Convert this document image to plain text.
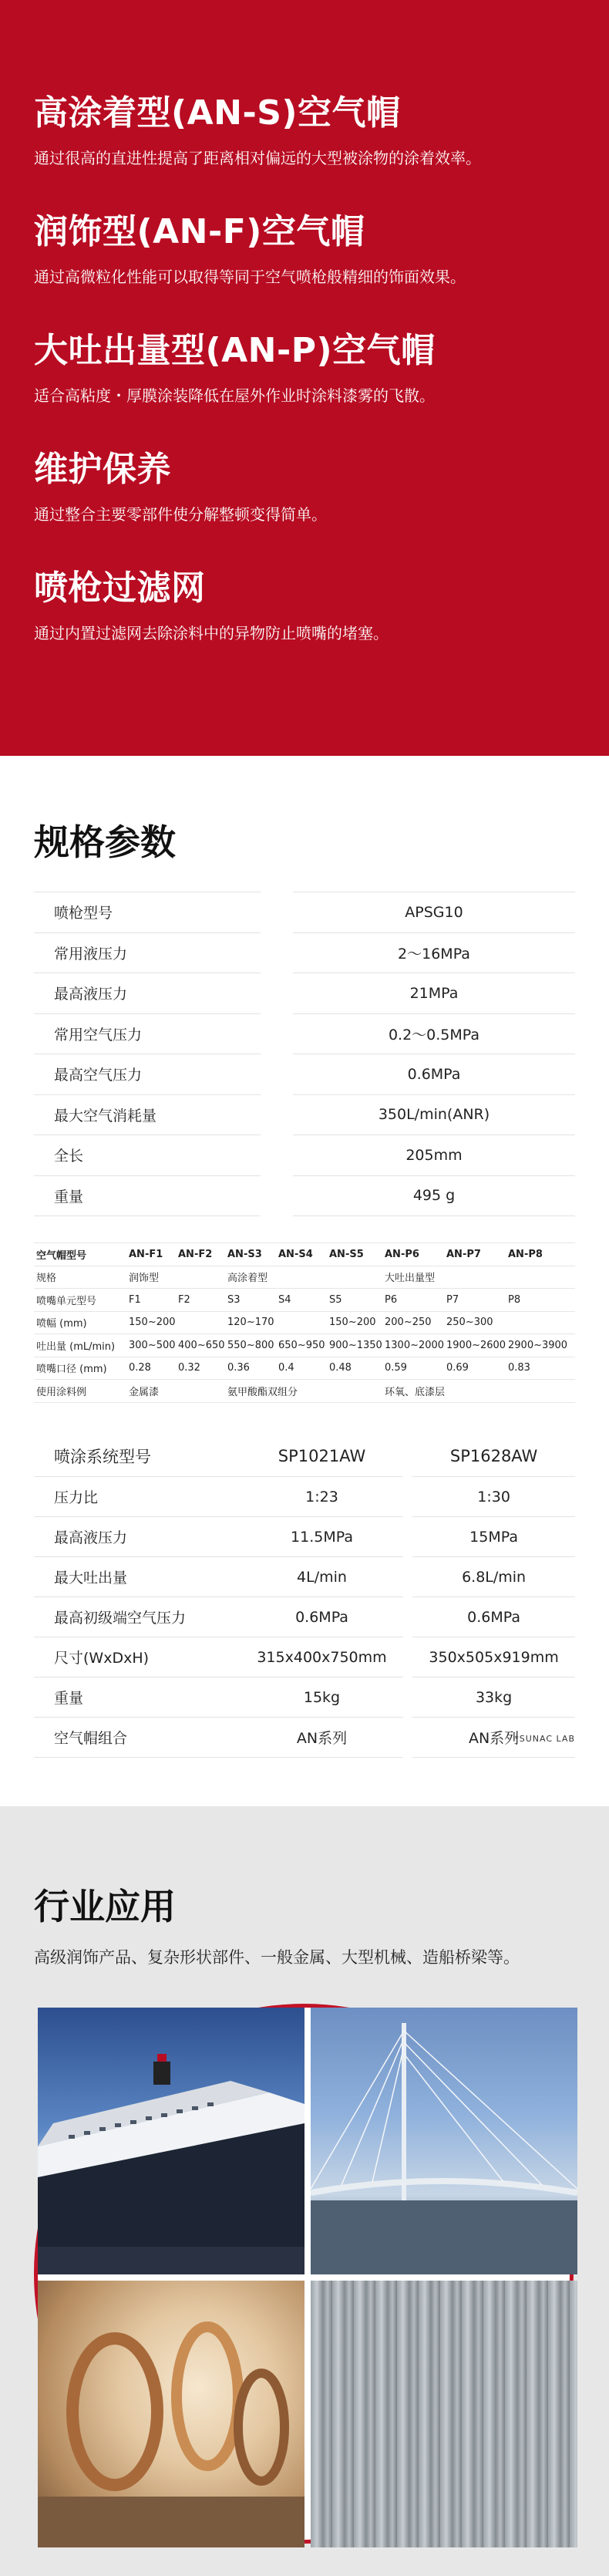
高涂着型(AN-S)空气帽

通过很高的直进性提高了距离相对偏远的大型被涂物的涂着效率。

润饰型(AN-F)空气帽

通过高微粒化性能可以取得等同于空气喷枪般精细的饰面效果。

大吐出量型(AN-P)空气帽

适合高粘度・厚膜涂装降低在屋外作业时涂料漆雾的飞散。

维护保养

通过整合主要零部件使分解整顿变得简单。

喷枪过滤网

通过内置过滤网去除涂料中的异物防止喷嘴的堵塞。

规格参数
喷枪型号		APSG10
常用液压力		2～16MPa
最高液压力		21MPa
常用空气压力		0.2～0.5MPa
最高空气压力		0.6MPa
最大空气消耗量		350L/min(ANR)
全长		205mm
重量		495 g
空气帽型号	AN-F1	AN-F2	AN-S3	AN-S4	AN-S5	AN-P6	AN-P7	AN-P8
规格	润饰型		高涂着型			大吐出量型		
喷嘴单元型号	F1	F2	S3	S4	S5	P6	P7	P8
喷幅 (mm)	150~200		120~170		150~200	200~250	250~300	
吐出量 (mL/min)	300~500	400~650	550~800	650~950	900~1350	1300~2000	1900~2600	2900~3900
喷嘴口径 (mm)	0.28	0.32	0.36	0.4	0.48	0.59	0.69	0.83
使用涂料例	金属漆		氨甲酸酯双组分			环氧、底漆层		
喷涂系统型号	SP1021AW		SP1628AW
压力比	1:23		1:30
最高液压力	11.5MPa		15MPa
最大吐出量	4L/min		6.8L/min
最高初级端空气压力	0.6MPa		0.6MPa
尺寸(WxDxH)	315x400x750mm		350x505x919mm
重量	15kg		33kg
空气帽组合	AN系列		AN系列
*SUNAC LAB
行业应用

高级润饰产品、复杂形状部件、一般金属、大型机械、造船桥梁等。
